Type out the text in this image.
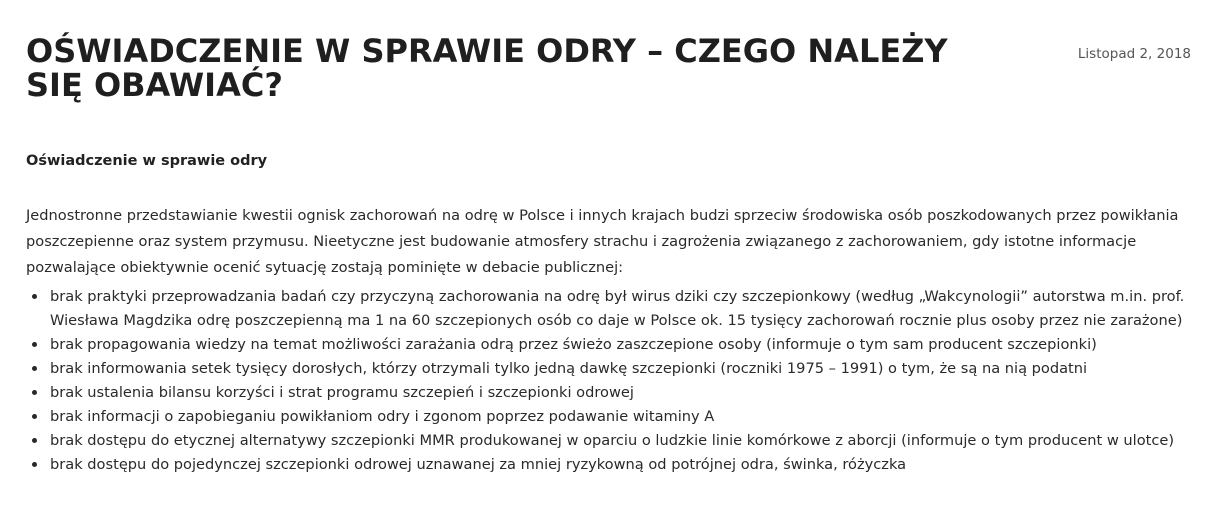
OŚWIADCZENIE W SPRAWIE ODRY – CZEGO NALEŻY SIĘ OBAWIAĆ?
Listopad 2, 2018
Oświadczenie w sprawie odry

Jednostronne przedstawianie kwestii ognisk zachorowań na odrę w Polsce i innych krajach budzi sprzeciw środowiska osób poszkodowanych przez powikłania poszczepienne oraz system przymusu. Nieetyczne jest budowanie atmosfery strachu i zagrożenia związanego z zachorowaniem, gdy istotne informacje pozwalające obiektywnie ocenić sytuację zostają pominięte w debacie publicznej:

brak praktyki przeprowadzania badań czy przyczyną zachorowania na odrę był wirus dziki czy szczepionkowy (według „Wakcynologii” autorstwa m.in. prof. Wiesława Magdzika odrę poszczepienną ma 1 na 60 szczepionych osób co daje w Polsce ok. 15 tysięcy zachorowań rocznie plus osoby przez nie zarażone)
brak propagowania wiedzy na temat możliwości zarażania odrą przez świeżo zaszczepione osoby (informuje o tym sam producent szczepionki)
brak informowania setek tysięcy dorosłych, którzy otrzymali tylko jedną dawkę szczepionki (roczniki 1975 – 1991) o tym, że są na nią podatni
brak ustalenia bilansu korzyści i strat programu szczepień i szczepionki odrowej
brak informacji o zapobieganiu powikłaniom odry i zgonom poprzez podawanie witaminy A
brak dostępu do etycznej alternatywy szczepionki MMR produkowanej w oparciu o ludzkie linie komórkowe z aborcji (informuje o tym producent w ulotce)
brak dostępu do pojedynczej szczepionki odrowej uznawanej za mniej ryzykowną od potrójnej odra, świnka, różyczka
